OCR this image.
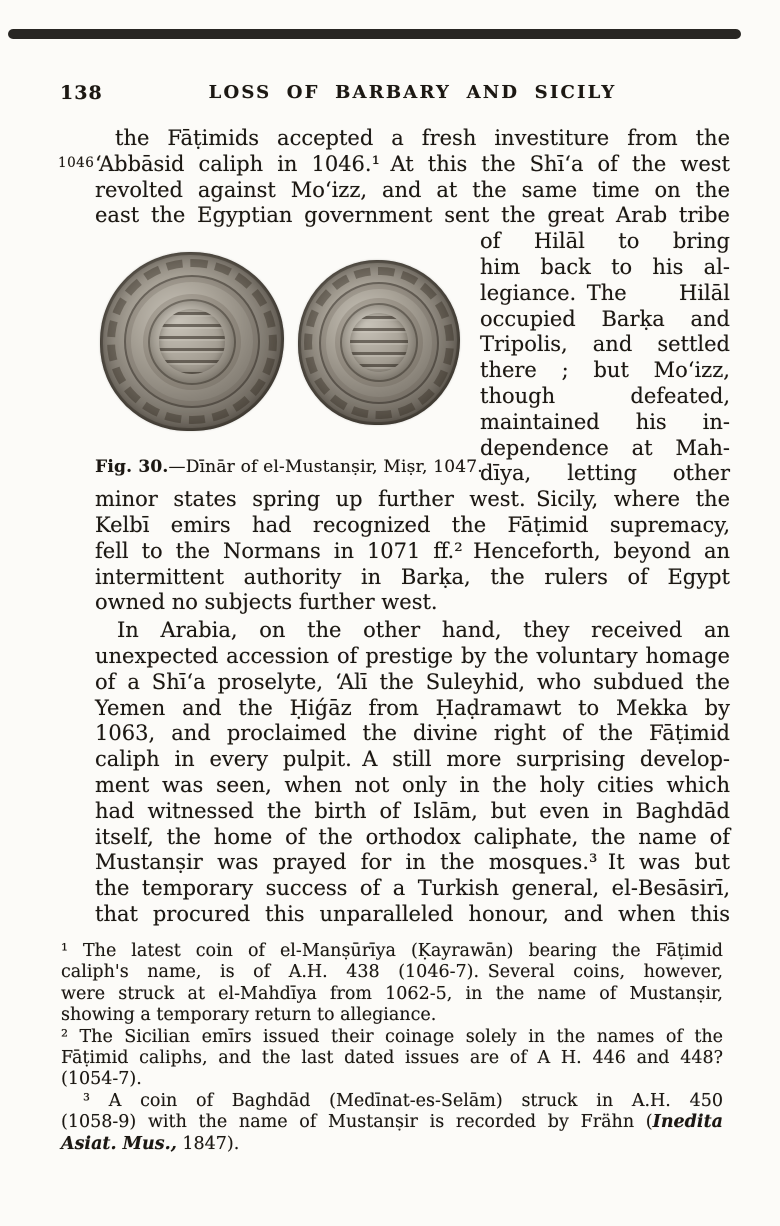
138	LOSS OF BARBARY AND SICILY
1046
the Fāṭimids accepted a fresh investiture from the
‘Abbāsid caliph in 1046.¹ At this the Shī‘a of the west
revolted against Mo‘izz, and at the same time on the
east the Egyptian government sent the great Arab tribe
Fig. 30.—Dīnār of el-Mustanṣir, Miṣr, 1047.
of Hilāl to bring
him back to his al-
legiance. The Hilāl
occupied Barḳa and
Tripolis, and settled
there ; but Mo‘izz,
though defeated,
maintained his in-
dependence at Mah-
dīya, letting other
minor states spring up further west. Sicily, where the
Kelbī emirs had recognized the Fāṭimid supremacy,
fell to the Normans in 1071 ff.² Henceforth, beyond an
intermittent authority in Barḳa, the rulers of Egypt
owned no subjects further west.
In Arabia, on the other hand, they received an
unexpected accession of prestige by the voluntary homage
of a Shī‘a proselyte, ‘Alī the Suleyhid, who subdued the
Yemen and the Ḥiǵāz from Ḥaḍramawt to Mekka by
1063, and proclaimed the divine right of the Fāṭimid
caliph in every pulpit. A still more surprising develop-
ment was seen, when not only in the holy cities which
had witnessed the birth of Islām, but even in Baghdād
itself, the home of the orthodox caliphate, the name of
Mustanṣir was prayed for in the mosques.³ It was but
the temporary success of a Turkish general, el-Besāsirī,
that procured this unparalleled honour, and when this
¹ The latest coin of el-Manṣūrīya (Ḳayrawān) bearing the Fāṭimid
caliph's name, is of A.H. 438 (1046-7). Several coins, however,
were struck at el-Mahdīya from 1062-5, in the name of Mustanṣir,
showing a temporary return to allegiance.
² The Sicilian emīrs issued their coinage solely in the names of the
Fāṭimid caliphs, and the last dated issues are of A H. 446 and 448?
(1054-7).
³ A coin of Baghdād (Medīnat-es-Selām) struck in A.H. 450
(1058-9) with the name of Mustanṣir is recorded by Frähn (Inedita
Asiat. Mus., 1847).
